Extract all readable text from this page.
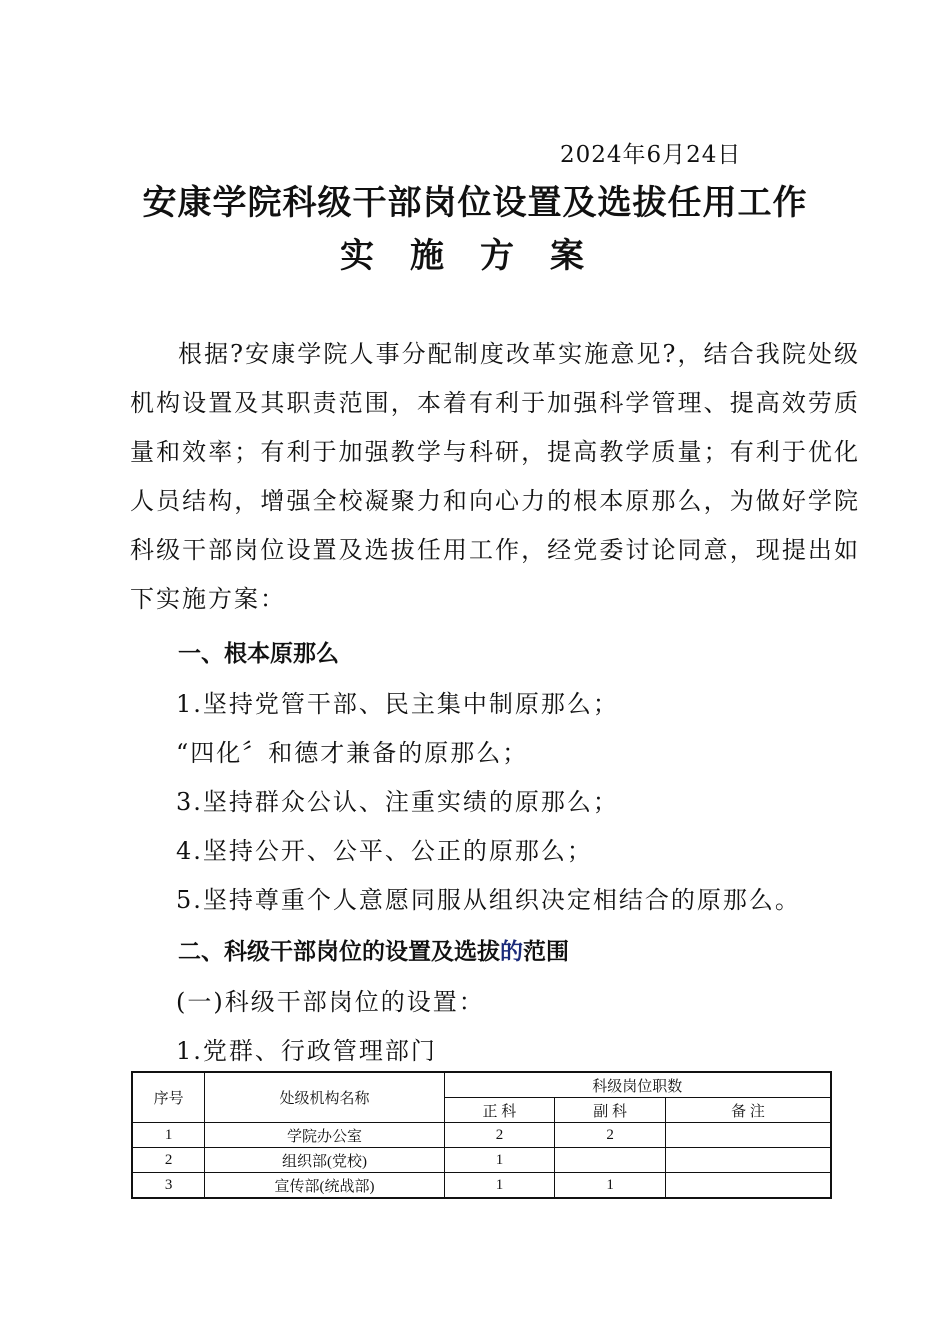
2024年6月24日
安康学院科级干部岗位设置及选拔任用工作
实施方案

根据?安康学院人事分配制度改革实施意见?，结合我院处级机构设置及其职责范围，本着有利于加强科学管理、提高效劳质量和效率；有利于加强教学与科研，提高教学质量；有利于优化人员结构，增强全校凝聚力和向心力的根本原那么，为做好学院科级干部岗位设置及选拔任用工作，经党委讨论同意，现提出如下实施方案：

一、根本原那么
1.坚持党管干部、民主集中制原那么；
“四化〞和德才兼备的原那么；
3.坚持群众公认、注重实绩的原那么；
4.坚持公开、公平、公正的原那么；
5.坚持尊重个人意愿同服从组织决定相结合的原那么。
二、科级干部岗位的设置及选拔的范围
(一)科级干部岗位的设置：
1.党群、行政管理部门
序号	处级机构名称	科级岗位职数		
		正 科	副 科	备 注
1	学院办公室	2	2	
2	组织部(党校)	1		
3	宣传部(统战部)	1	1	
